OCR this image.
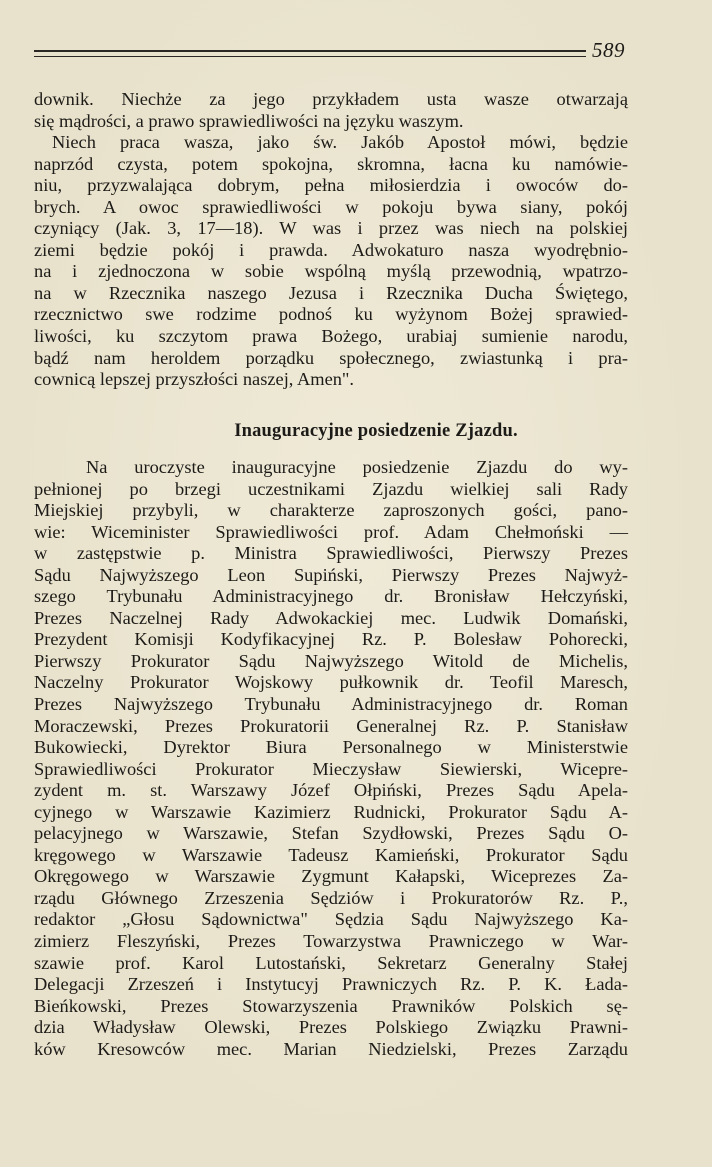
589
downik. Niechże za jego przykładem usta wasze otwarzają
się mądrości, a prawo sprawiedliwości na języku waszym.
Niech praca wasza, jako św. Jakób Apostoł mówi, będzie
naprzód czysta, potem spokojna, skromna, łacna ku namówie-
niu, przyzwalająca dobrym, pełna miłosierdzia i owoców do-
brych. A owoc sprawiedliwości w pokoju bywa siany, pokój
czyniący (Jak. 3, 17—18). W was i przez was niech na polskiej
ziemi będzie pokój i prawda. Adwokaturo nasza wyodrębnio-
na i zjednoczona w sobie wspólną myślą przewodnią, wpatrzo-
na w Rzecznika naszego Jezusa i Rzecznika Ducha Świętego,
rzecznictwo swe rodzime podnoś ku wyżynom Bożej sprawied-
liwości, ku szczytom prawa Bożego, urabiaj sumienie narodu,
bądź nam heroldem porządku społecznego, zwiastunką i pra-
cownicą lepszej przyszłości naszej, Amen".
Inauguracyjne posiedzenie Zjazdu.
Na uroczyste inauguracyjne posiedzenie Zjazdu do wy-
pełnionej po brzegi uczestnikami Zjazdu wielkiej sali Rady
Miejskiej przybyli, w charakterze zaproszonych gości, pano-
wie: Wiceminister Sprawiedliwości prof. Adam Chełmoński —
w zastępstwie p. Ministra Sprawiedliwości, Pierwszy Prezes
Sądu Najwyższego Leon Supiński, Pierwszy Prezes Najwyż-
szego Trybunału Administracyjnego dr. Bronisław Hełczyński,
Prezes Naczelnej Rady Adwokackiej mec. Ludwik Domański,
Prezydent Komisji Kodyfikacyjnej Rz. P. Bolesław Pohorecki,
Pierwszy Prokurator Sądu Najwyższego Witold de Michelis,
Naczelny Prokurator Wojskowy pułkownik dr. Teofil Maresch,
Prezes Najwyższego Trybunału Administracyjnego dr. Roman
Moraczewski, Prezes Prokuratorii Generalnej Rz. P. Stanisław
Bukowiecki, Dyrektor Biura Personalnego w Ministerstwie
Sprawiedliwości Prokurator Mieczysław Siewierski, Wicepre-
zydent m. st. Warszawy Józef Ołpiński, Prezes Sądu Apela-
cyjnego w Warszawie Kazimierz Rudnicki, Prokurator Sądu A-
pelacyjnego w Warszawie, Stefan Szydłowski, Prezes Sądu O-
kręgowego w Warszawie Tadeusz Kamieński, Prokurator Sądu
Okręgowego w Warszawie Zygmunt Kałapski, Wiceprezes Za-
rządu Głównego Zrzeszenia Sędziów i Prokuratorów Rz. P.,
redaktor „Głosu Sądownictwa" Sędzia Sądu Najwyższego Ka-
zimierz Fleszyński, Prezes Towarzystwa Prawniczego w War-
szawie prof. Karol Lutostański, Sekretarz Generalny Stałej
Delegacji Zrzeszeń i Instytucyj Prawniczych Rz. P. K. Łada-
Bieńkowski, Prezes Stowarzyszenia Prawników Polskich sę-
dzia Władysław Olewski, Prezes Polskiego Związku Prawni-
ków Kresowców mec. Marian Niedzielski, Prezes Zarządu
